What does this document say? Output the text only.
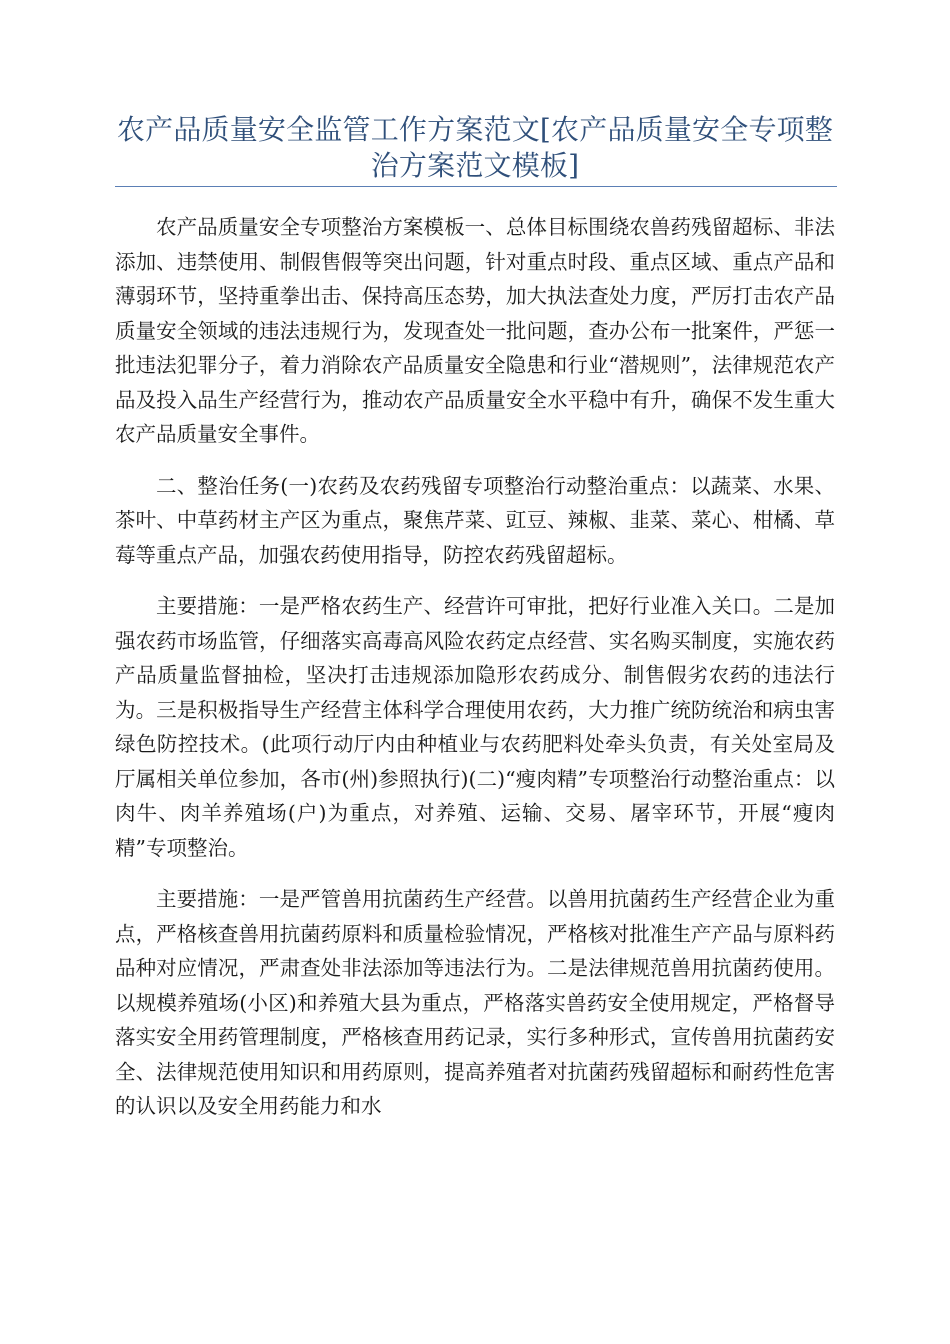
农产品质量安全监管工作方案范文[农产品质量安全专项整治方案范文模板]

农产品质量安全专项整治方案模板一、总体目标围绕农兽药残留超标、非法添加、违禁使用、制假售假等突出问题，针对重点时段、重点区域、重点产品和薄弱环节，坚持重拳出击、保持高压态势，加大执法查处力度，严厉打击农产品质量安全领域的违法违规行为，发现查处一批问题，查办公布一批案件，严惩一批违法犯罪分子，着力消除农产品质量安全隐患和行业“潜规则”，法律规范农产品及投入品生产经营行为，推动农产品质量安全水平稳中有升，确保不发生重大农产品质量安全事件。

二、整治任务(一)农药及农药残留专项整治行动整治重点：以蔬菜、水果、茶叶、中草药材主产区为重点，聚焦芹菜、豇豆、辣椒、韭菜、菜心、柑橘、草莓等重点产品，加强农药使用指导，防控农药残留超标。

主要措施：一是严格农药生产、经营许可审批，把好行业准入关口。二是加强农药市场监管，仔细落实高毒高风险农药定点经营、实名购买制度，实施农药产品质量监督抽检，坚决打击违规添加隐形农药成分、制售假劣农药的违法行为。三是积极指导生产经营主体科学合理使用农药，大力推广统防统治和病虫害绿色防控技术。(此项行动厅内由种植业与农药肥料处牵头负责，有关处室局及厅属相关单位参加，各市(州)参照执行)(二)“瘦肉精”专项整治行动整治重点：以肉牛、肉羊养殖场(户)为重点，对养殖、运输、交易、屠宰环节，开展“瘦肉精”专项整治。

主要措施：一是严管兽用抗菌药生产经营。以兽用抗菌药生产经营企业为重点，严格核查兽用抗菌药原料和质量检验情况，严格核对批准生产产品与原料药品种对应情况，严肃查处非法添加等违法行为。二是法律规范兽用抗菌药使用。以规模养殖场(小区)和养殖大县为重点，严格落实兽药安全使用规定，严格督导落实安全用药管理制度，严格核查用药记录，实行多种形式，宣传兽用抗菌药安全、法律规范使用知识和用药原则，提高养殖者对抗菌药残留超标和耐药性危害的认识以及安全用药能力和水
